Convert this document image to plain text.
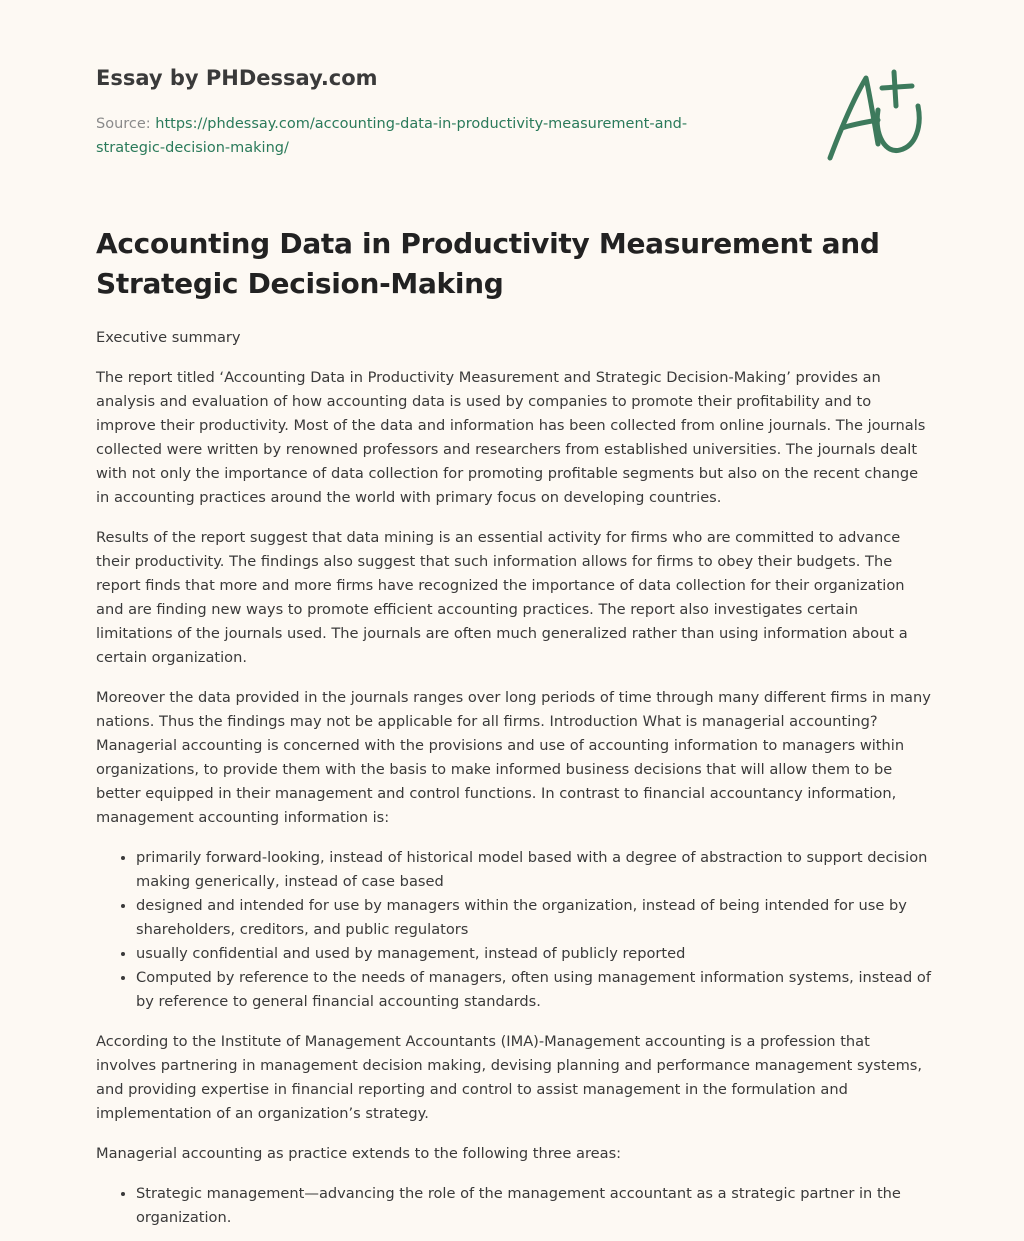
Essay by PHDessay.com
Source: https://phdessay.com/accounting-data-in-productivity-measurement-and-strategic-decision-making/
Accounting Data in Productivity Measurement and Strategic Decision-Making

Executive summary

The report titled ‘Accounting Data in Productivity Measurement and Strategic Decision-Making’ provides an analysis and evaluation of how accounting data is used by companies to promote their profitability and to improve their productivity. Most of the data and information has been collected from online journals. The journals collected were written by renowned professors and researchers from established universities. The journals dealt with not only the importance of data collection for promoting profitable segments but also on the recent change in accounting practices around the world with primary focus on developing countries.

Results of the report suggest that data mining is an essential activity for firms who are committed to advance their productivity. The findings also suggest that such information allows for firms to obey their budgets. The report finds that more and more firms have recognized the importance of data collection for their organization and are finding new ways to promote efficient accounting practices. The report also investigates certain limitations of the journals used. The journals are often much generalized rather than using information about a certain organization.

Moreover the data provided in the journals ranges over long periods of time through many different firms in many nations. Thus the findings may not be applicable for all firms. Introduction What is managerial accounting? Managerial accounting is concerned with the provisions and use of accounting information to managers within organizations, to provide them with the basis to make informed business decisions that will allow them to be better equipped in their management and control functions. In contrast to financial accountancy information, management accounting information is:

• primarily forward-looking, instead of historical model based with a degree of abstraction to support decision making generically, instead of case based
• designed and intended for use by managers within the organization, instead of being intended for use by shareholders, creditors, and public regulators
• usually confidential and used by management, instead of publicly reported
• Computed by reference to the needs of managers, often using management information systems, instead of by reference to general financial accounting standards.

According to the Institute of Management Accountants (IMA)-Management accounting is a profession that involves partnering in management decision making, devising planning and performance management systems, and providing expertise in financial reporting and control to assist management in the formulation and implementation of an organization’s strategy.

Managerial accounting as practice extends to the following three areas:

• Strategic management—advancing the role of the management accountant as a strategic partner in the organization.
